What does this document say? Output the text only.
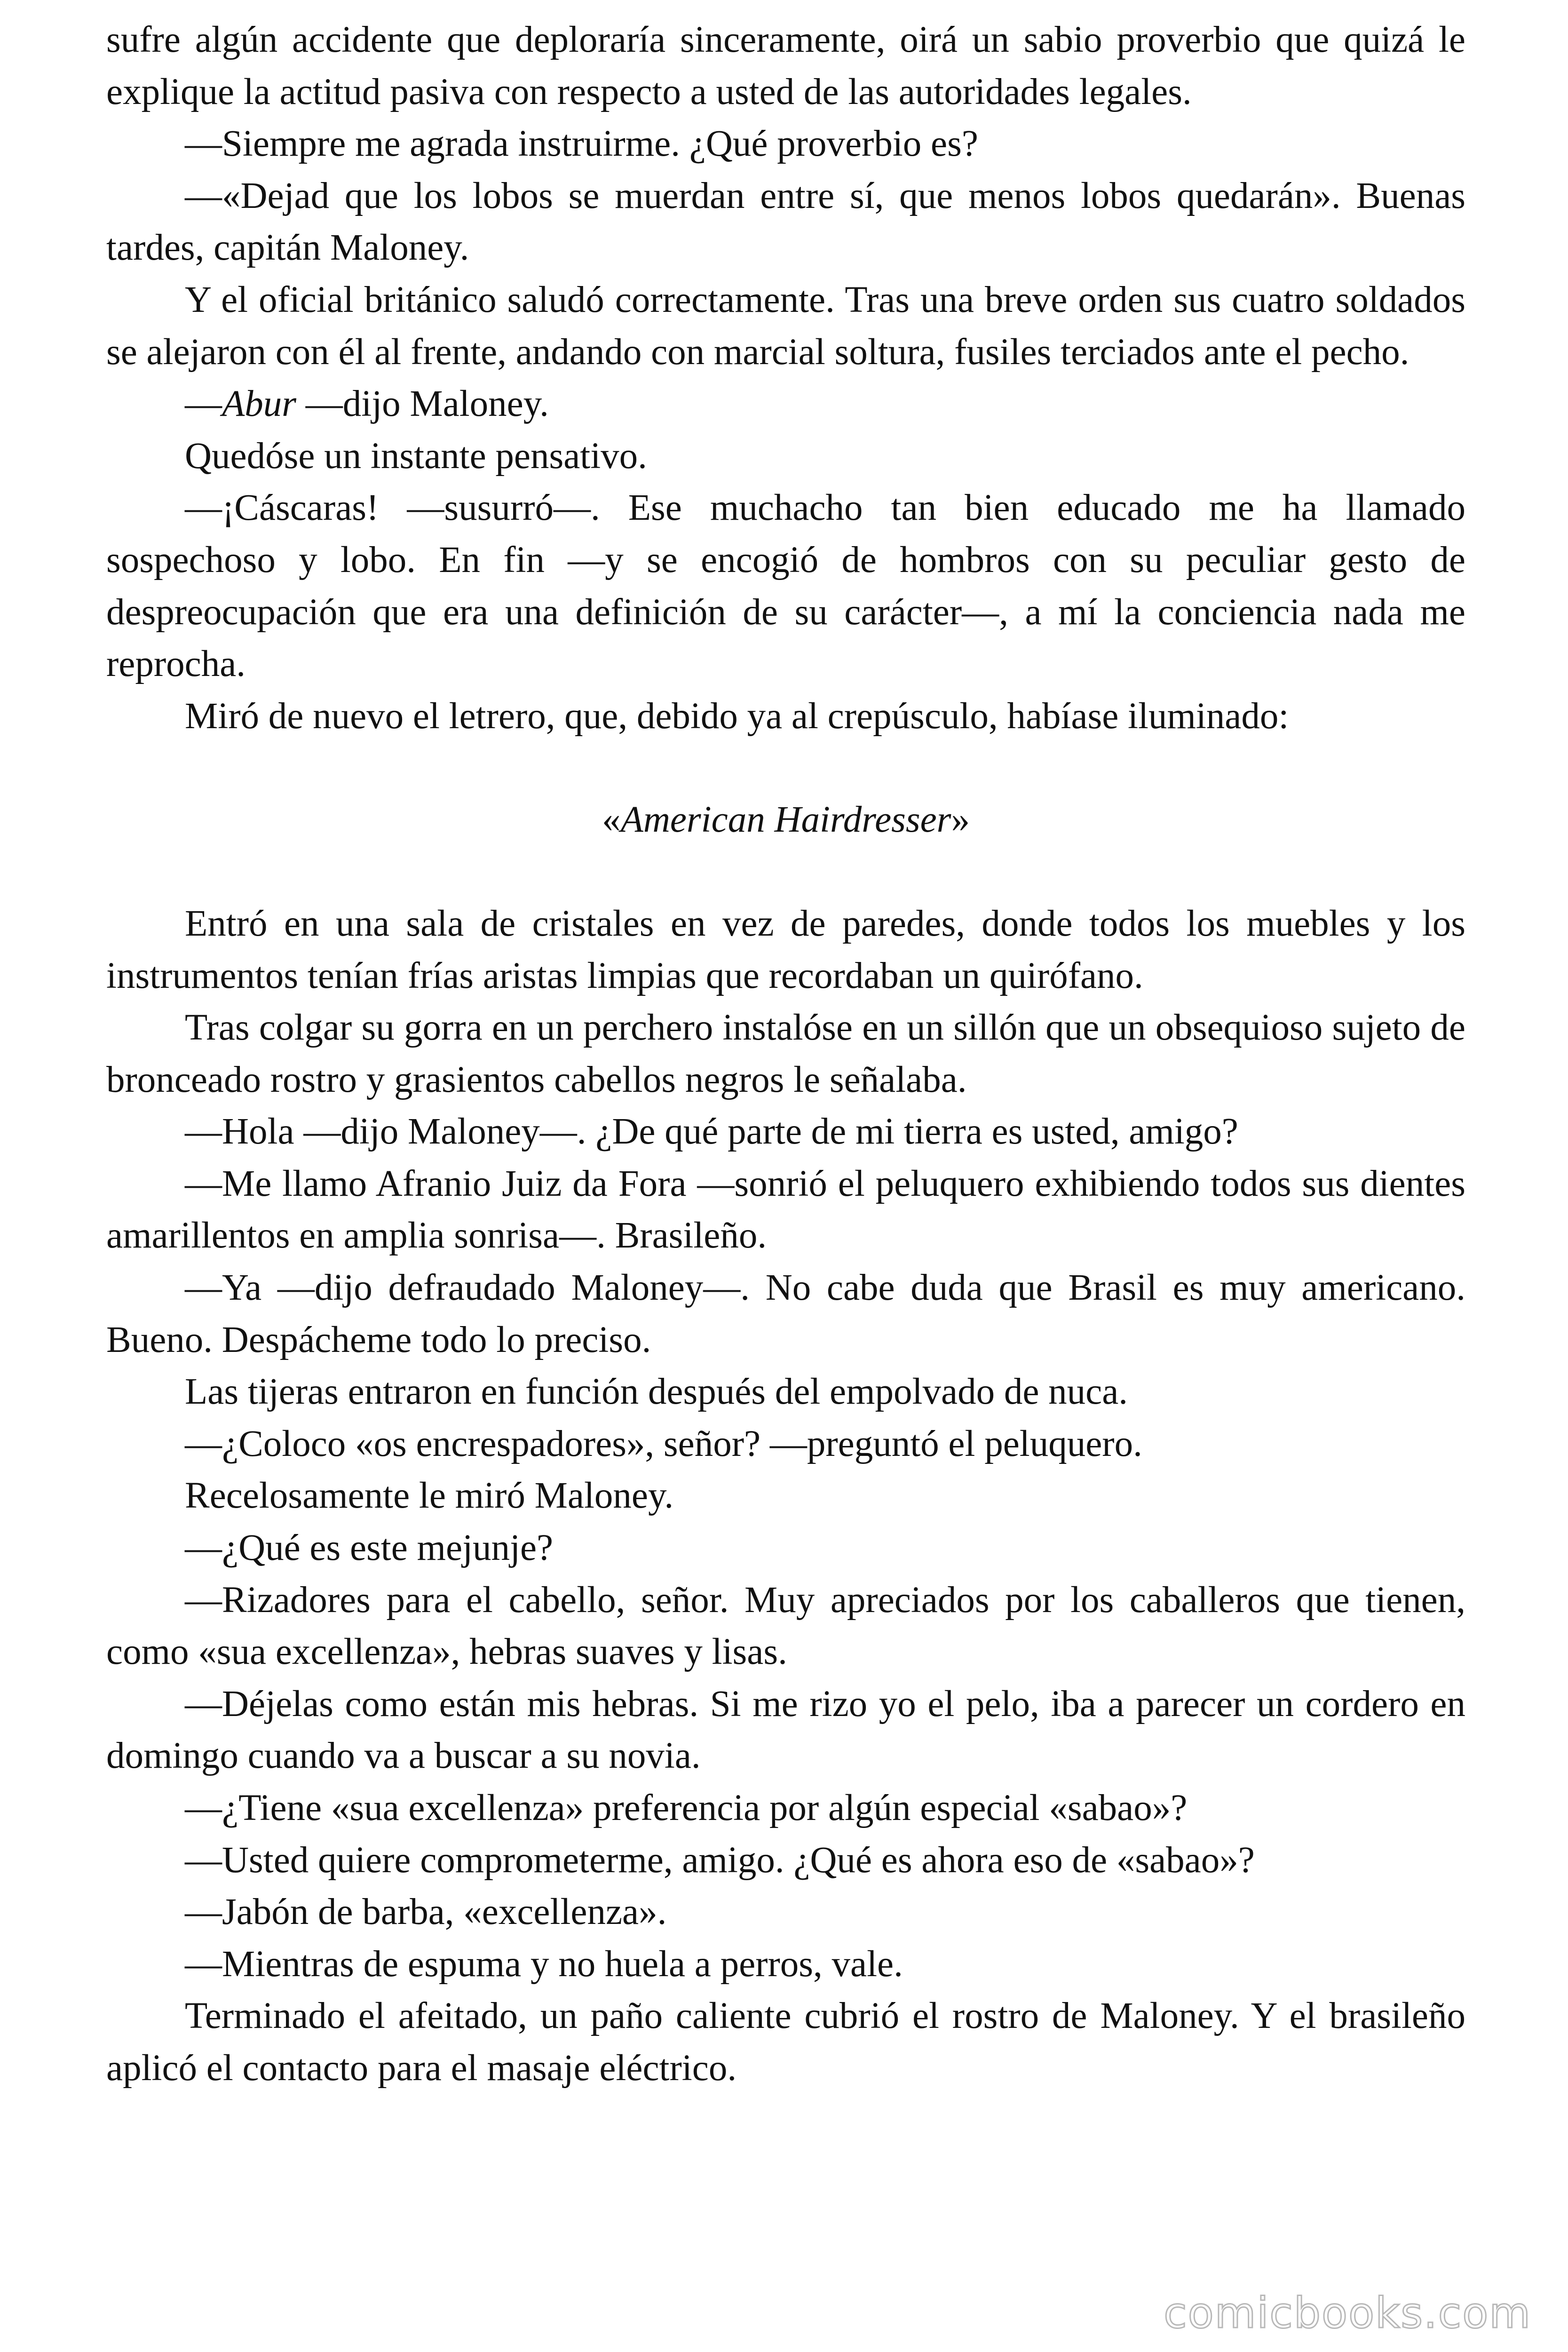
sufre algún accidente que deploraría sinceramente, oirá un sabio proverbio que quizá le explique la actitud pasiva con respecto a usted de las autoridades legales.

—Siempre me agrada instruirme. ¿Qué proverbio es?

—«Dejad que los lobos se muerdan entre sí, que menos lobos quedarán». Buenas tardes, capitán Maloney.

Y el oficial británico saludó correctamente. Tras una breve orden sus cuatro soldados se alejaron con él al frente, andando con marcial soltura, fusiles terciados ante el pecho.

—Abur —dijo Maloney.

Quedóse un instante pensativo.

—¡Cáscaras! —susurró—. Ese muchacho tan bien educado me ha llamado sospechoso y lobo. En fin —y se encogió de hombros con su peculiar gesto de despreocupación que era una definición de su carácter—, a mí la conciencia nada me reprocha.

Miró de nuevo el letrero, que, debido ya al crepúsculo, habíase iluminado:

«American Hairdresser»

Entró en una sala de cristales en vez de paredes, donde todos los muebles y los instrumentos tenían frías aristas limpias que recordaban un quirófano.

Tras colgar su gorra en un perchero instalóse en un sillón que un obsequioso sujeto de bronceado rostro y grasientos cabellos negros le señalaba.

—Hola —dijo Maloney—. ¿De qué parte de mi tierra es usted, amigo?

—Me llamo Afranio Juiz da Fora —sonrió el peluquero exhibiendo todos sus dientes amarillentos en amplia sonrisa—. Brasileño.

—Ya —dijo defraudado Maloney—. No cabe duda que Brasil es muy americano. Bueno. Despácheme todo lo preciso.

Las tijeras entraron en función después del empolvado de nuca.

—¿Coloco «os encrespadores», señor? —preguntó el peluquero.

Recelosamente le miró Maloney.

—¿Qué es este mejunje?

—Rizadores para el cabello, señor. Muy apreciados por los caballeros que tienen, como «sua excellenza», hebras suaves y lisas.

—Déjelas como están mis hebras. Si me rizo yo el pelo, iba a parecer un cordero en domingo cuando va a buscar a su novia.

—¿Tiene «sua excellenza» preferencia por algún especial «sabao»?

—Usted quiere comprometerme, amigo. ¿Qué es ahora eso de «sabao»?

—Jabón de barba, «excellenza».

—Mientras de espuma y no huela a perros, vale.

Terminado el afeitado, un paño caliente cubrió el rostro de Maloney. Y el brasileño aplicó el contacto para el masaje eléctrico.

comicbooks.com
